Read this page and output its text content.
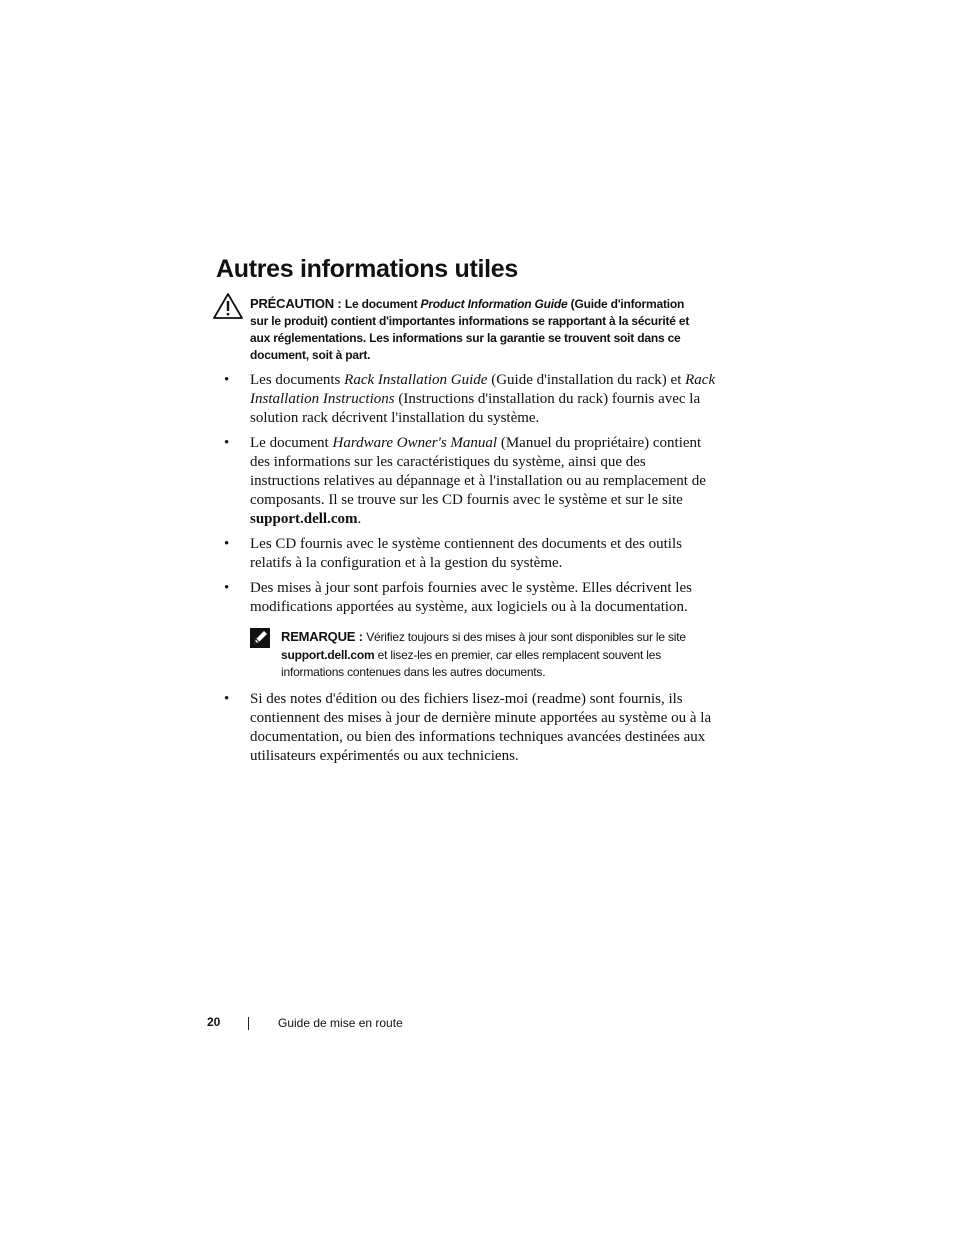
Autres informations utiles
PRÉCAUTION : Le document Product Information Guide (Guide d'information sur le produit) contient d'importantes informations se rapportant à la sécurité et aux réglementations. Les informations sur la garantie se trouvent soit dans ce document, soit à part.
• Les documents Rack Installation Guide (Guide d'installation du rack) et Rack Installation Instructions (Instructions d'installation du rack) fournis avec la solution rack décrivent l'installation du système.

• Le document Hardware Owner's Manual (Manuel du propriétaire) contient des informations sur les caractéristiques du système, ainsi que des instructions relatives au dépannage et à l'installation ou au remplacement de composants. Il se trouve sur les CD fournis avec le système et sur le site support.dell.com.

• Les CD fournis avec le système contiennent des documents et des outils relatifs à la configuration et à la gestion du système.

• Des mises à jour sont parfois fournies avec le système. Elles décrivent les modifications apportées au système, aux logiciels ou à la documentation.

REMARQUE : Vérifiez toujours si des mises à jour sont disponibles sur le site support.dell.com et lisez-les en premier, car elles remplacent souvent les informations contenues dans les autres documents.
• Si des notes d'édition ou des fichiers lisez-moi (readme) sont fournis, ils contiennent des mises à jour de dernière minute apportées au système ou à la documentation, ou bien des informations techniques avancées destinées aux utilisateurs expérimentés ou aux techniciens.

20	Guide de mise en route
